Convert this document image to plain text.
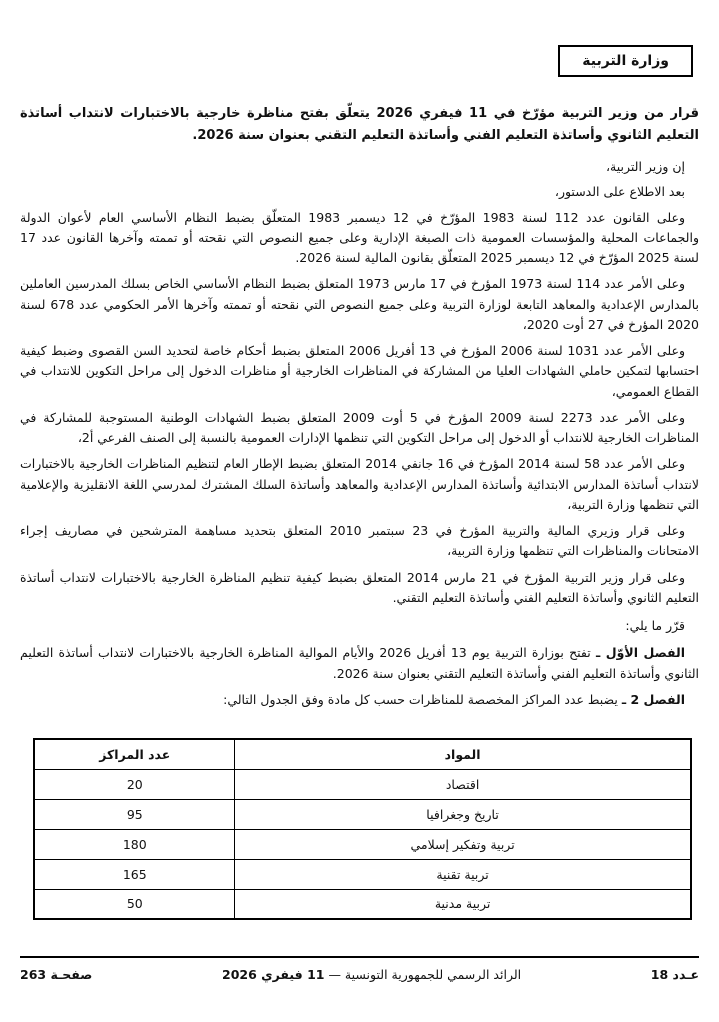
وزارة التربية

قرار من وزير التربية مؤرّخ في 11 فيفري 2026 يتعلّق بفتح مناظرة خارجية بالاختبارات لانتداب أساتذة التعليم الثانوي وأساتذة التعليم الفني وأساتذة التعليم التقني بعنوان سنة 2026.

إن وزير التربية،

بعد الاطلاع على الدستور،

وعلى القانون عدد 112 لسنة 1983 المؤرّخ في 12 ديسمبر 1983 المتعلّق بضبط النظام الأساسي العام لأعوان الدولة والجماعات المحلية والمؤسسات العمومية ذات الصبغة الإدارية وعلى جميع النصوص التي نقحته أو تممته وآخرها القانون عدد 17 لسنة 2025 المؤرّخ في 12 ديسمبر 2025 المتعلّق بقانون المالية لسنة 2026.

وعلى الأمر عدد 114 لسنة 1973 المؤرخ في 17 مارس 1973 المتعلق بضبط النظام الأساسي الخاص بسلك المدرسين العاملين بالمدارس الإعدادية والمعاهد التابعة لوزارة التربية وعلى جميع النصوص التي نقحته أو تممته وآخرها الأمر الحكومي عدد 678 لسنة 2020 المؤرخ في 27 أوت 2020،

وعلى الأمر عدد 1031 لسنة 2006 المؤرخ في 13 أفريل 2006 المتعلق بضبط أحكام خاصة لتحديد السن القصوى وضبط كيفية احتسابها لتمكين حاملي الشهادات العليا من المشاركة في المناظرات الخارجية أو مناظرات الدخول إلى مراحل التكوين للانتداب في القطاع العمومي،

وعلى الأمر عدد 2273 لسنة 2009 المؤرخ في 5 أوت 2009 المتعلق بضبط الشهادات الوطنية المستوجبة للمشاركة في المناظرات الخارجية للانتداب أو الدخول إلى مراحل التكوين التي تنظمها الإدارات العمومية بالنسبة إلى الصنف الفرعي أ2،

وعلى الأمر عدد 58 لسنة 2014 المؤرخ في 16 جانفي 2014 المتعلق بضبط الإطار العام لتنظيم المناظرات الخارجية بالاختبارات لانتداب أساتذة المدارس الابتدائية وأساتذة المدارس الإعدادية والمعاهد وأساتذة السلك المشترك لمدرسي اللغة الانقليزية والإعلامية التي تنظمها وزارة التربية،

وعلى قرار وزيري المالية والتربية المؤرخ في 23 سبتمبر 2010 المتعلق بتحديد مساهمة المترشحين في مصاريف إجراء الامتحانات والمناظرات التي تنظمها وزارة التربية،

وعلى قرار وزير التربية المؤرخ في 21 مارس 2014 المتعلق بضبط كيفية تنظيم المناظرة الخارجية بالاختبارات لانتداب أساتذة التعليم الثانوي وأساتذة التعليم الفني وأساتذة التعليم التقني.

قرّر ما يلي:

الفصل الأوّل ـ تفتح بوزارة التربية يوم 13 أفريل 2026 والأيام الموالية المناظرة الخارجية بالاختبارات لانتداب أساتذة التعليم الثانوي وأساتذة التعليم الفني وأساتذة التعليم التقني بعنوان سنة 2026.

الفصل 2 ـ يضبط عدد المراكز المخصصة للمناظرات حسب كل مادة وفق الجدول التالي:

المواد	عدد المراكز
اقتصاد	20
تاريخ وجغرافيا	95
تربية وتفكير إسلامي	180
تربية تقنية	165
تربية مدنية	50
عـدد 18
الرائد الرسمي للجمهورية التونسية — 11 فيفري 2026
صفحـة 263
